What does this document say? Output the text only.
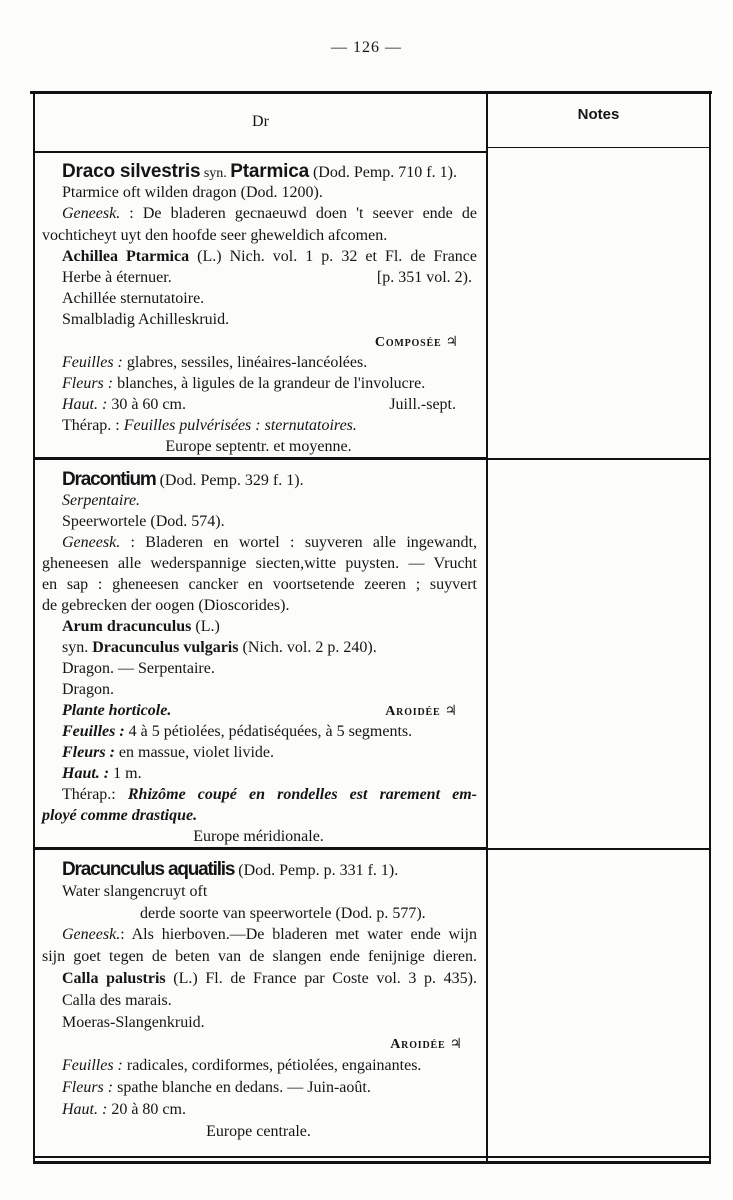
— 126 —
Dr	Notes
Draco silvestris syn. Ptarmica (Dod. Pemp. 710 f. 1).
Ptarmice oft wilden dragon (Dod. 1200).
Geneesk. : De bladeren gecnaeuwd doen 't seever ende de
vochticheyt uyt den hoofde seer gheweldich afcomen.
Achillea Ptarmica (L.) Nich. vol. 1 p. 32 et Fl. de France
Herbe à éternuer.	[p. 351 vol. 2).
Achillée sternutatoire.
Smalbladig Achilleskruid.
Composée ♃
Feuilles : glabres, sessiles, linéaires-lancéolées.
Fleurs : blanches, à ligules de la grandeur de l'involucre.
Haut. : 30 à 60 cm.	Juill.-sept.
Thérap. : Feuilles pulvérisées : sternutatoires.
Europe septentr. et moyenne.
Dracontium (Dod. Pemp. 329 f. 1).
Serpentaire.
Speerwortele (Dod. 574).
Geneesk. : Bladeren en wortel : suyveren alle ingewandt,
gheneesen alle wederspannige siecten,witte puysten. — Vrucht
en sap : gheneesen cancker en voortsetende zeeren ; suyvert
de gebrecken der oogen (Dioscorides).
Arum dracunculus (L.)
syn. Dracunculus vulgaris (Nich. vol. 2 p. 240).
Dragon. — Serpentaire.
Dragon.
Plante horticole.	Aroidée ♃
Feuilles : 4 à 5 pétiolées, pédatiséquées, à 5 segments.
Fleurs : en massue, violet livide.
Haut. : 1 m.
Thérap.: Rhizôme coupé en rondelles est rarement em-
ployé comme drastique.
Europe méridionale.
Dracunculus aquatilis (Dod. Pemp. p. 331 f. 1).
Water slangencruyt oft
derde soorte van speerwortele (Dod. p. 577).
Geneesk.: Als hierboven.—De bladeren met water ende wijn
sijn goet tegen de beten van de slangen ende fenijnige dieren.
Calla palustris (L.) Fl. de France par Coste vol. 3 p. 435).
Calla des marais.
Moeras-Slangenkruid.
Aroidée ♃
Feuilles : radicales, cordiformes, pétiolées, engainantes.
Fleurs : spathe blanche en dedans. — Juin-août.
Haut. : 20 à 80 cm.
Europe centrale.
